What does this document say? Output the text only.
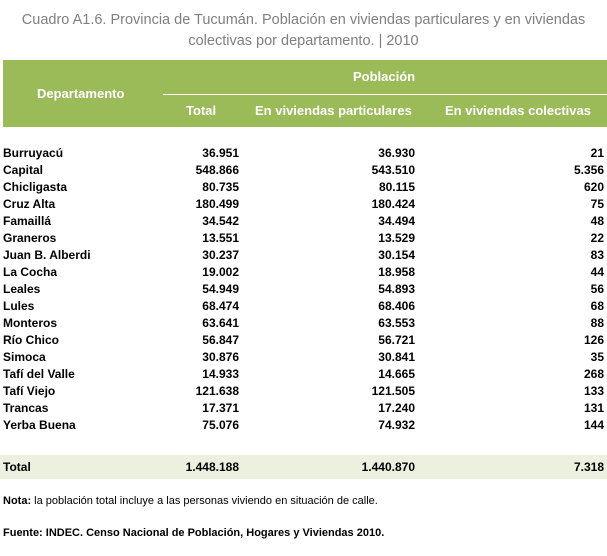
Cuadro A1.6. Provincia de Tucumán. Población en viviendas particulares y en viviendas
colectivas por departamento. | 2010
Departamento
Población
Total	En viviendas particulares	En viviendas colectivas
Burruyacú	36.951	36.930	21
Capital	548.866	543.510	5.356
Chicligasta	80.735	80.115	620
Cruz Alta	180.499	180.424	75
Famaillá	34.542	34.494	48
Graneros	13.551	13.529	22
Juan B. Alberdi	30.237	30.154	83
La Cocha	19.002	18.958	44
Leales	54.949	54.893	56
Lules	68.474	68.406	68
Monteros	63.641	63.553	88
Río Chico	56.847	56.721	126
Simoca	30.876	30.841	35
Tafí del Valle	14.933	14.665	268
Tafí Viejo	121.638	121.505	133
Trancas	17.371	17.240	131
Yerba Buena	75.076	74.932	144
Total	1.448.188	1.440.870	7.318
Nota: la población total incluye a las personas viviendo en situación de calle.
Fuente: INDEC. Censo Nacional de Población, Hogares y Viviendas 2010.
